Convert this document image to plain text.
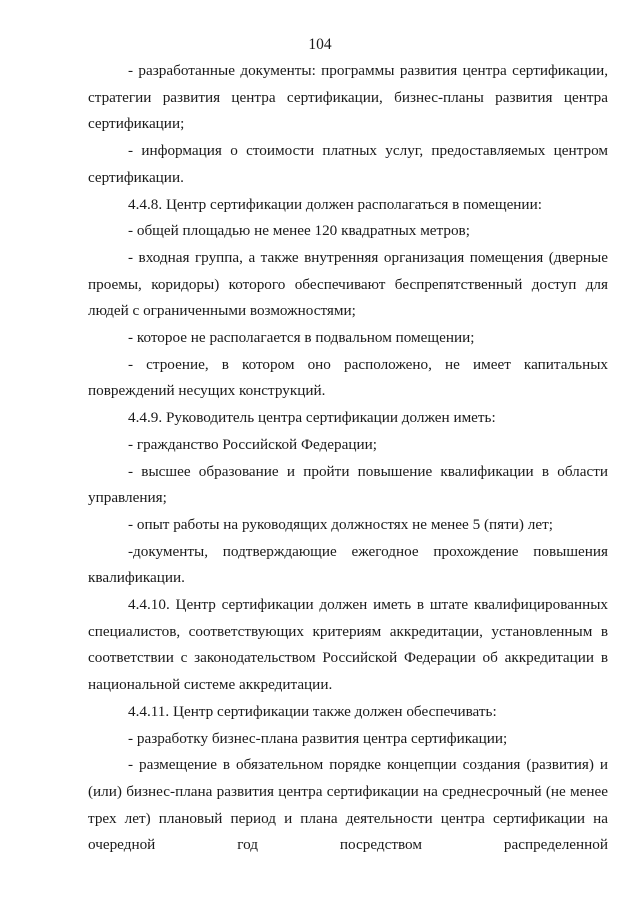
104

- разработанные документы: программы развития центра сертификации, стратегии развития центра сертификации, бизнес-планы развития центра сертификации;

- информация о стоимости платных услуг, предоставляемых центром сертификации.

4.4.8. Центр сертификации должен располагаться в помещении:

- общей площадью не менее 120 квадратных метров;

- входная группа, а также внутренняя организация помещения (дверные проемы, коридоры) которого обеспечивают беспрепятственный доступ для людей с ограниченными возможностями;

- которое не располагается в подвальном помещении;

- строение, в котором оно расположено, не имеет капитальных повреждений несущих конструкций.

4.4.9. Руководитель центра сертификации должен иметь:

- гражданство Российской Федерации;

- высшее образование и пройти повышение квалификации в области управления;

- опыт работы на руководящих должностях не менее 5 (пяти) лет;

-документы, подтверждающие ежегодное прохождение повышения квалификации.

4.4.10. Центр сертификации должен иметь в штате квалифицированных специалистов, соответствующих критериям аккредитации, установленным в соответствии с законодательством Российской Федерации об аккредитации в национальной системе аккредитации.

4.4.11. Центр сертификации также должен обеспечивать:

- разработку бизнес-плана развития центра сертификации;

- размещение в обязательном порядке концепции создания (развития) и (или) бизнес-плана развития центра сертификации на среднесрочный (не менее трех лет) плановый период и плана деятельности центра сертификации на очередной год посредством распределенной
